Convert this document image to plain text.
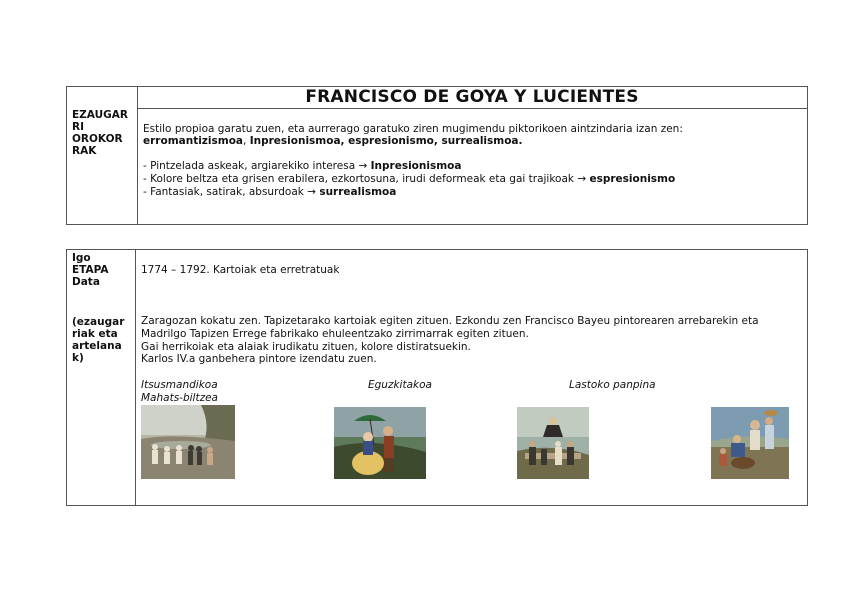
FRANCISCO DE GOYA Y LUCIENTES
EZAUGAR
RI
OROKOR
RAK
Estilo propioa garatu zuen, eta aurrerago garatuko ziren mugimendu piktorikoen aintzindaria izan zen:
erromantizismoa, Inpresionismoa, espresionismo, surrealismoa.
- Pintzelada askeak, argiarekiko interesa → Inpresionismoa
- Kolore beltza eta grisen erabilera, ezkortosuna, irudi deformeak eta gai trajikoak → espresionismo
- Fantasiak, satirak, absurdoak → surrealismoa
Igo
ETAPA
Data
(ezaugar
riak eta
artelana
k)
1774 – 1792. Kartoiak eta erretratuak
Zaragozan kokatu zen. Tapizetarako kartoiak egiten zituen. Ezkondu zen Francisco Bayeu pintorearen arrebarekin eta
Madrilgo Tapizen Errege fabrikako ehuleentzako zirrimarrak egiten zituen.
Gai herrikoiak eta alaiak irudikatu zituen, kolore distiratsuekin.
Karlos IV.a ganbehera pintore izendatu zuen.
Itsusmandikoa	Eguzkitakoa	Lastoko panpina
Mahats-biltzea
